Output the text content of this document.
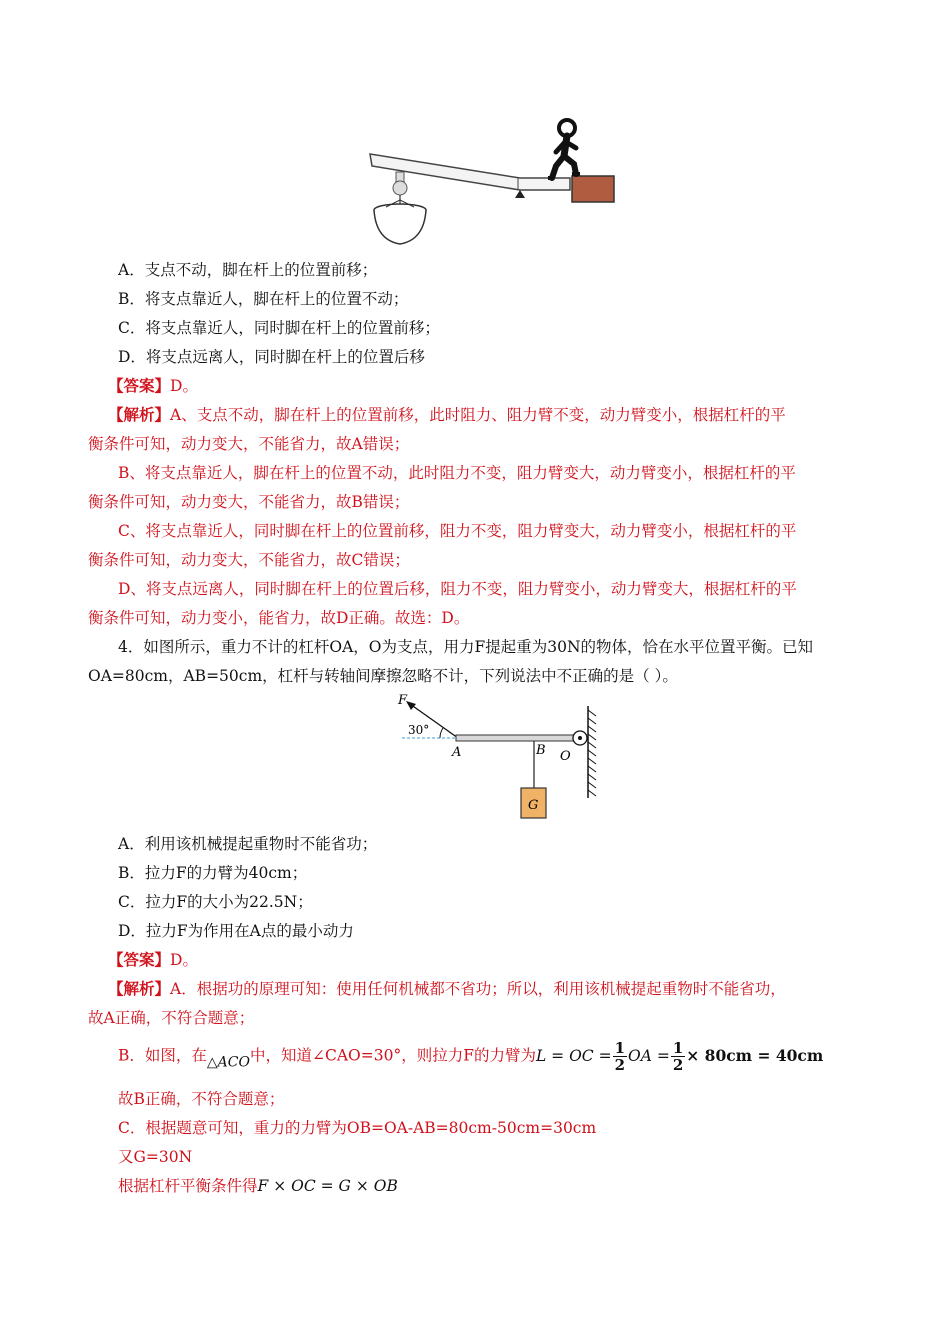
A．支点不动，脚在杆上的位置前移；
B．将支点靠近人，脚在杆上的位置不动；
C．将支点靠近人，同时脚在杆上的位置前移；
D．将支点远离人，同时脚在杆上的位置后移
【答案】D。
【解析】A、支点不动，脚在杆上的位置前移，此时阻力、阻力臂不变，动力臂变小，根据杠杆的平
衡条件可知，动力变大，不能省力，故A错误；
B、将支点靠近人，脚在杆上的位置不动，此时阻力不变，阻力臂变大，动力臂变小，根据杠杆的平
衡条件可知，动力变大，不能省力，故B错误；
C、将支点靠近人，同时脚在杆上的位置前移，阻力不变，阻力臂变大，动力臂变小，根据杠杆的平
衡条件可知，动力变大，不能省力，故C错误；
D、将支点远离人，同时脚在杆上的位置后移，阻力不变，阻力臂变小，动力臂变大，根据杠杆的平
衡条件可知，动力变小，能省力，故D正确。故选：D。
4．如图所示，重力不计的杠杆OA，O为支点，用力F提起重为30N的物体，恰在水平位置平衡。已知
OA=80cm，AB=50cm，杠杆与转轴间摩擦忽略不计，下列说法中不正确的是（ ）。
F
30°
G
A	B O
A．利用该机械提起重物时不能省功；
B．拉力F的力臂为40cm；
C．拉力F的大小为22.5N；
D．拉力F为作用在A点的最小动力
【答案】D。
【解析】A．根据功的原理可知：使用任何机械都不省功；所以，利用该机械提起重物时不能省功，
故A正确，不符合题意；
B．如图，在△ACO中，知道∠CAO=30°，则拉力F的力臂为L = OC = $\frac{1}{2}$ OA = $\frac{1}{2} \times 80cm = 40cm$
故B正确，不符合题意；
C．根据题意可知，重力的力臂为OB=OA-AB=80cm-50cm=30cm
又G=30N
根据杠杆平衡条件得F × OC = G × OB
